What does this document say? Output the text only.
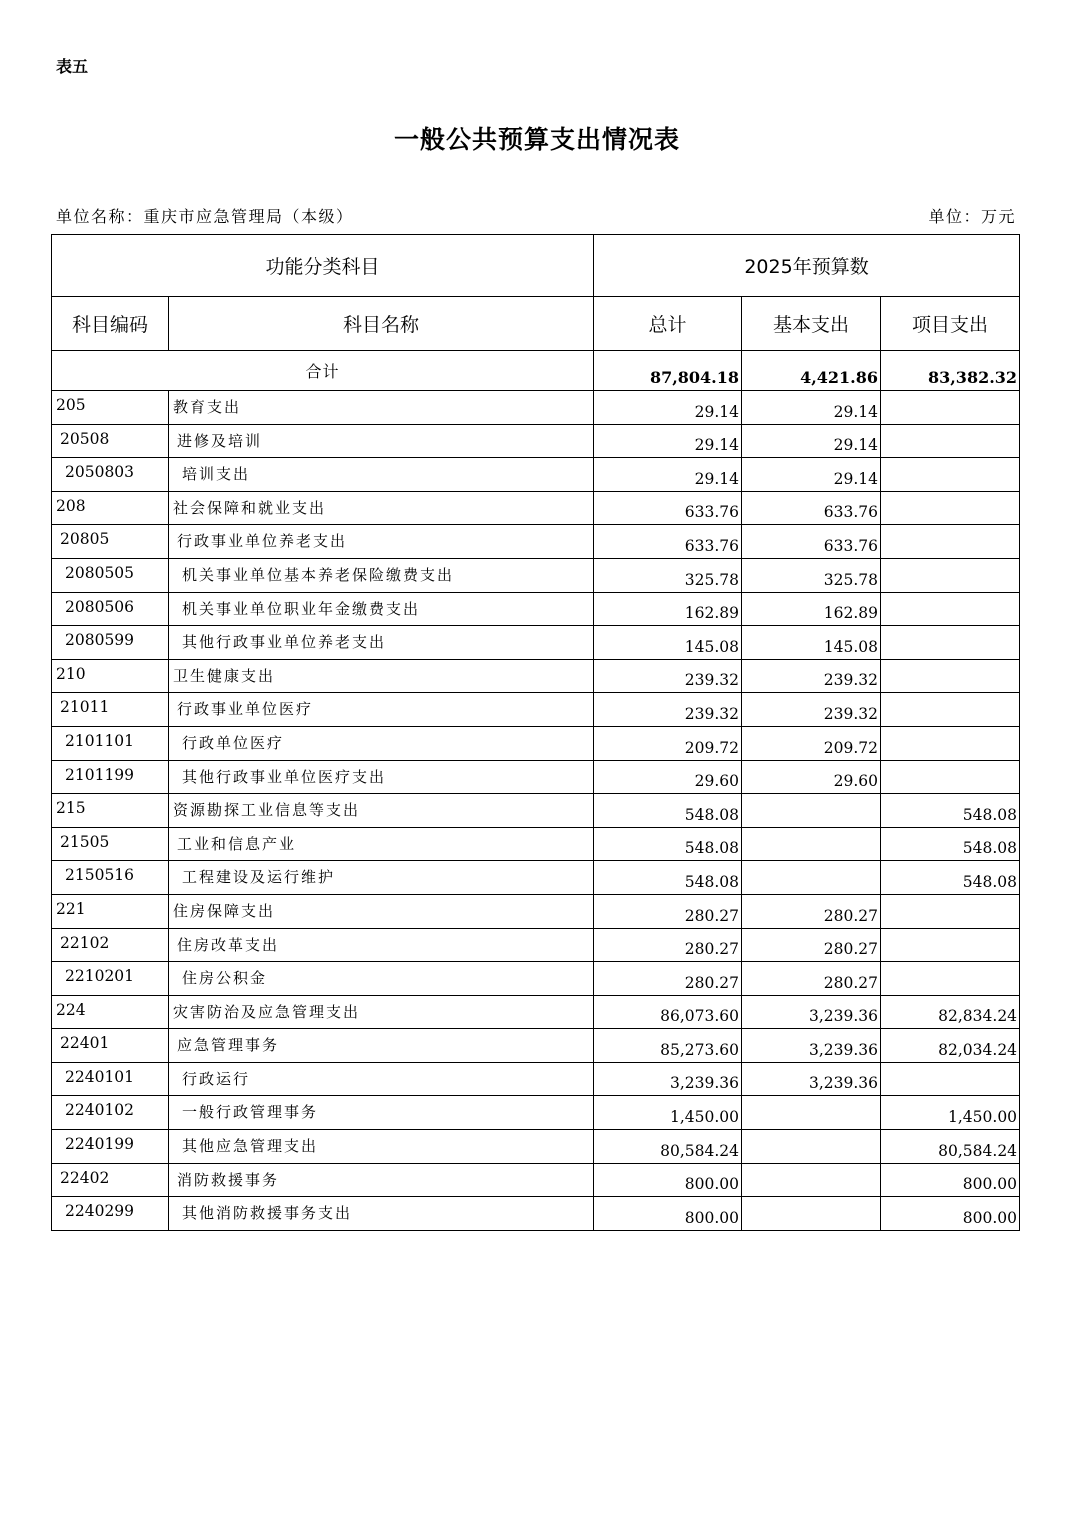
表五
一般公共预算支出情况表
单位名称：重庆市应急管理局（本级）	单位：万元
功能分类科目		2025年预算数		
科目编码	科目名称	总计	基本支出	项目支出
合计		87,804.18	4,421.86	83,382.32
205	教育支出	29.14	29.14	
20508	进修及培训	29.14	29.14	
2050803	培训支出	29.14	29.14	
208	社会保障和就业支出	633.76	633.76	
20805	行政事业单位养老支出	633.76	633.76	
2080505	机关事业单位基本养老保险缴费支出	325.78	325.78	
2080506	机关事业单位职业年金缴费支出	162.89	162.89	
2080599	其他行政事业单位养老支出	145.08	145.08	
210	卫生健康支出	239.32	239.32	
21011	行政事业单位医疗	239.32	239.32	
2101101	行政单位医疗	209.72	209.72	
2101199	其他行政事业单位医疗支出	29.60	29.60	
215	资源勘探工业信息等支出	548.08		548.08
21505	工业和信息产业	548.08		548.08
2150516	工程建设及运行维护	548.08		548.08
221	住房保障支出	280.27	280.27	
22102	住房改革支出	280.27	280.27	
2210201	住房公积金	280.27	280.27	
224	灾害防治及应急管理支出	86,073.60	3,239.36	82,834.24
22401	应急管理事务	85,273.60	3,239.36	82,034.24
2240101	行政运行	3,239.36	3,239.36	
2240102	一般行政管理事务	1,450.00		1,450.00
2240199	其他应急管理支出	80,584.24		80,584.24
22402	消防救援事务	800.00		800.00
2240299	其他消防救援事务支出	800.00		800.00
